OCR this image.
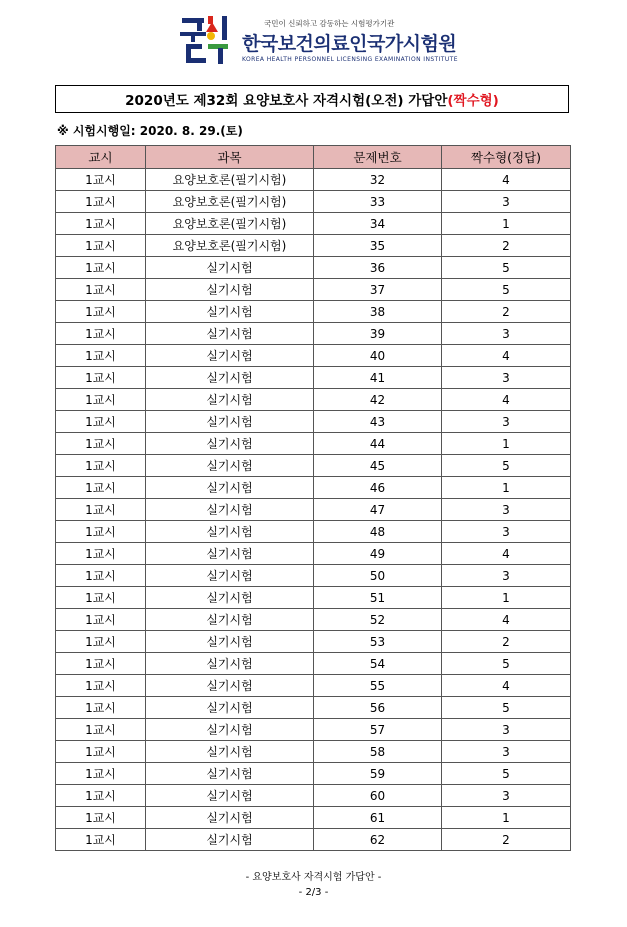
국민이 신뢰하고 감동하는 시험평가기관
한국보건의료인국가시험원
KOREA HEALTH PERSONNEL LICENSING EXAMINATION INSTITUTE
2020년도 제32회 요양보호사 자격시험(오전) 가답안 (짝수형)
※ 시험시행일: 2020. 8. 29.(토)
교시	과목	문제번호	짝수형(정답)
1교시	요양보호론(필기시험)	32	4
1교시	요양보호론(필기시험)	33	3
1교시	요양보호론(필기시험)	34	1
1교시	요양보호론(필기시험)	35	2
1교시	실기시험	36	5
1교시	실기시험	37	5
1교시	실기시험	38	2
1교시	실기시험	39	3
1교시	실기시험	40	4
1교시	실기시험	41	3
1교시	실기시험	42	4
1교시	실기시험	43	3
1교시	실기시험	44	1
1교시	실기시험	45	5
1교시	실기시험	46	1
1교시	실기시험	47	3
1교시	실기시험	48	3
1교시	실기시험	49	4
1교시	실기시험	50	3
1교시	실기시험	51	1
1교시	실기시험	52	4
1교시	실기시험	53	2
1교시	실기시험	54	5
1교시	실기시험	55	4
1교시	실기시험	56	5
1교시	실기시험	57	3
1교시	실기시험	58	3
1교시	실기시험	59	5
1교시	실기시험	60	3
1교시	실기시험	61	1
1교시	실기시험	62	2
- 요양보호사 자격시험 가답안 -
- 2/3 -
